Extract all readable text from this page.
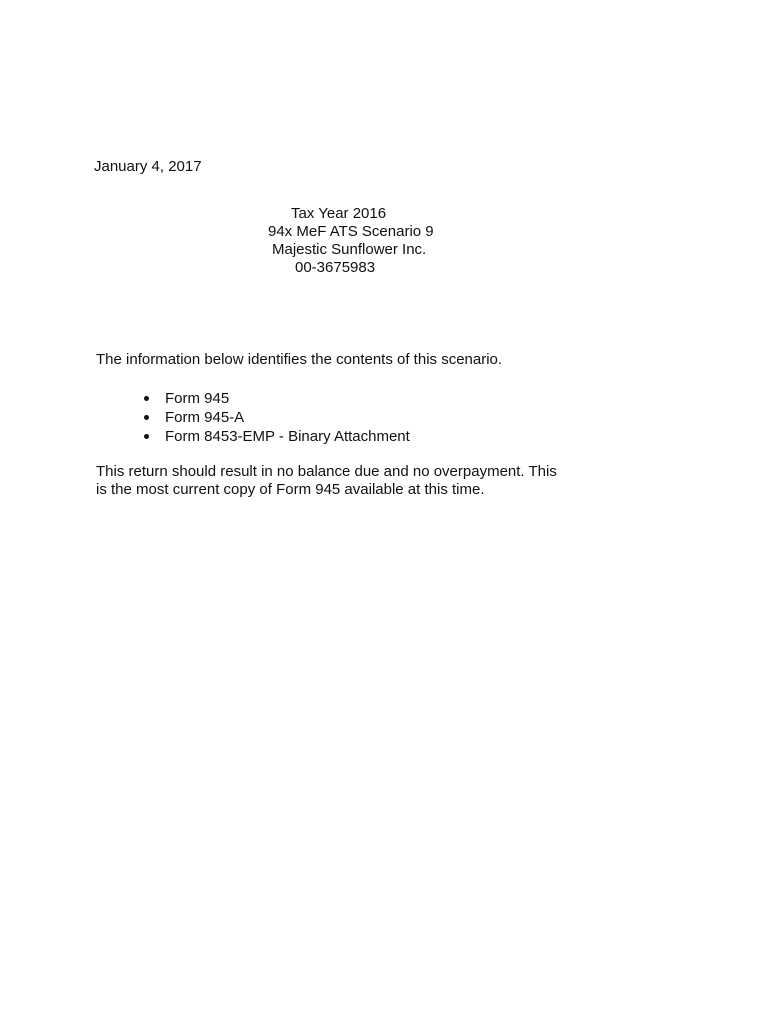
January 4, 2017
Tax Year 2016
94x MeF ATS Scenario 9
Majestic Sunflower Inc.
00-3675983
The information below identifies the contents of this scenario.
Form 945
Form 945-A
Form 8453-EMP - Binary Attachment
This return should result in no balance due and no overpayment. This
is the most current copy of Form 945 available at this time.
